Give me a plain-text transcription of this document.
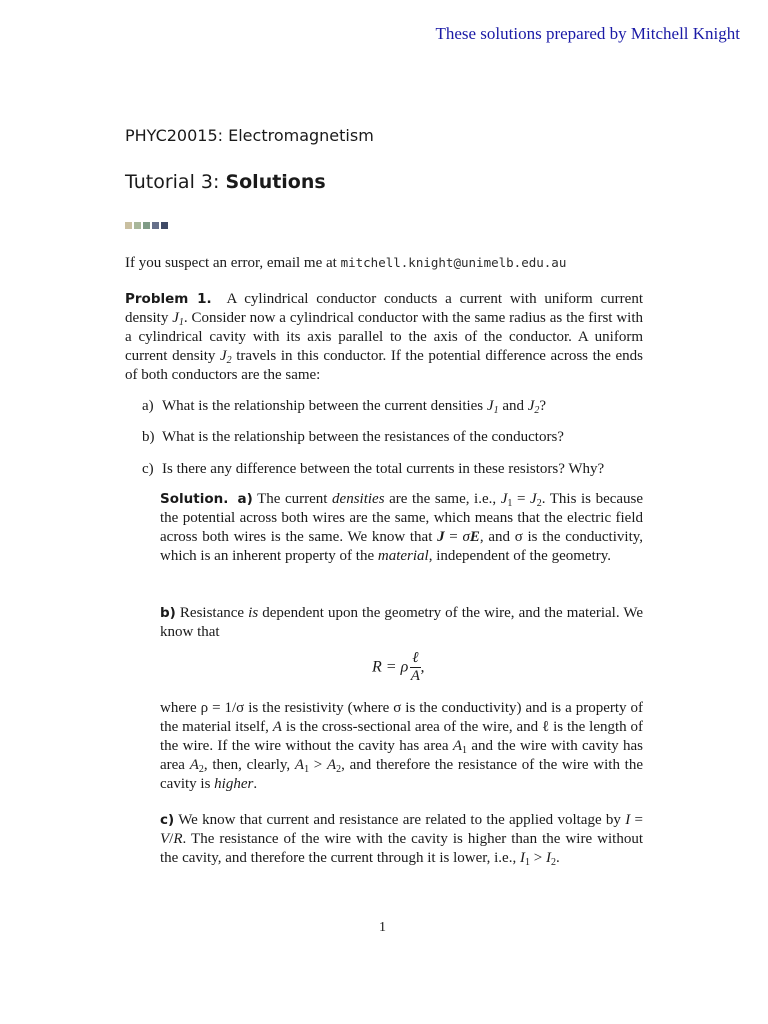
These solutions prepared by Mitchell Knight
PHYC20015: Electromagnetism
Tutorial 3: Solutions

If you suspect an error, email me at mitchell.knight@unimelb.edu.au

Problem 1. A cylindrical conductor conducts a current with uniform current density $J_1$. Consider now a cylindrical conductor with the same radius as the first with a cylindrical cavity with its axis parallel to the axis of the conductor. A uniform current density $J_2$ travels in this conductor. If the potential difference across the ends of both conductors are the same:

a) What is the relationship between the current densities $J_1$ and $J_2$?
b) What is the relationship between the resistances of the conductors?
c) Is there any difference between the total currents in these resistors? Why?
Solution. a) The current densities are the same, i.e., $J_1 = J_2$. This is because the potential across both wires are the same, which means that the electric field across both wires is the same. We know that J = σE, and σ is the conductivity, which is an inherent property of the material, independent of the geometry.
b) Resistance is dependent upon the geometry of the wire, and the material. We know that
R = ρ $\frac{\text{ℓ}}{A}$ ,
where ρ = 1/σ is the resistivity (where σ is the conductivity) and is a property of the material itself, A is the cross-sectional area of the wire, and ℓ is the length of the wire. If the wire without the cavity has area $A_1$ and the wire with cavity has area $A_2$, then, clearly, $A_1 > A_2$, and therefore the resistance of the wire with the cavity is higher.
c) We know that current and resistance are related to the applied voltage by I = V/R. The resistance of the wire with the cavity is higher than the wire without the cavity, and therefore the current through it is lower, i.e., $I_1 > I_2$.
1
